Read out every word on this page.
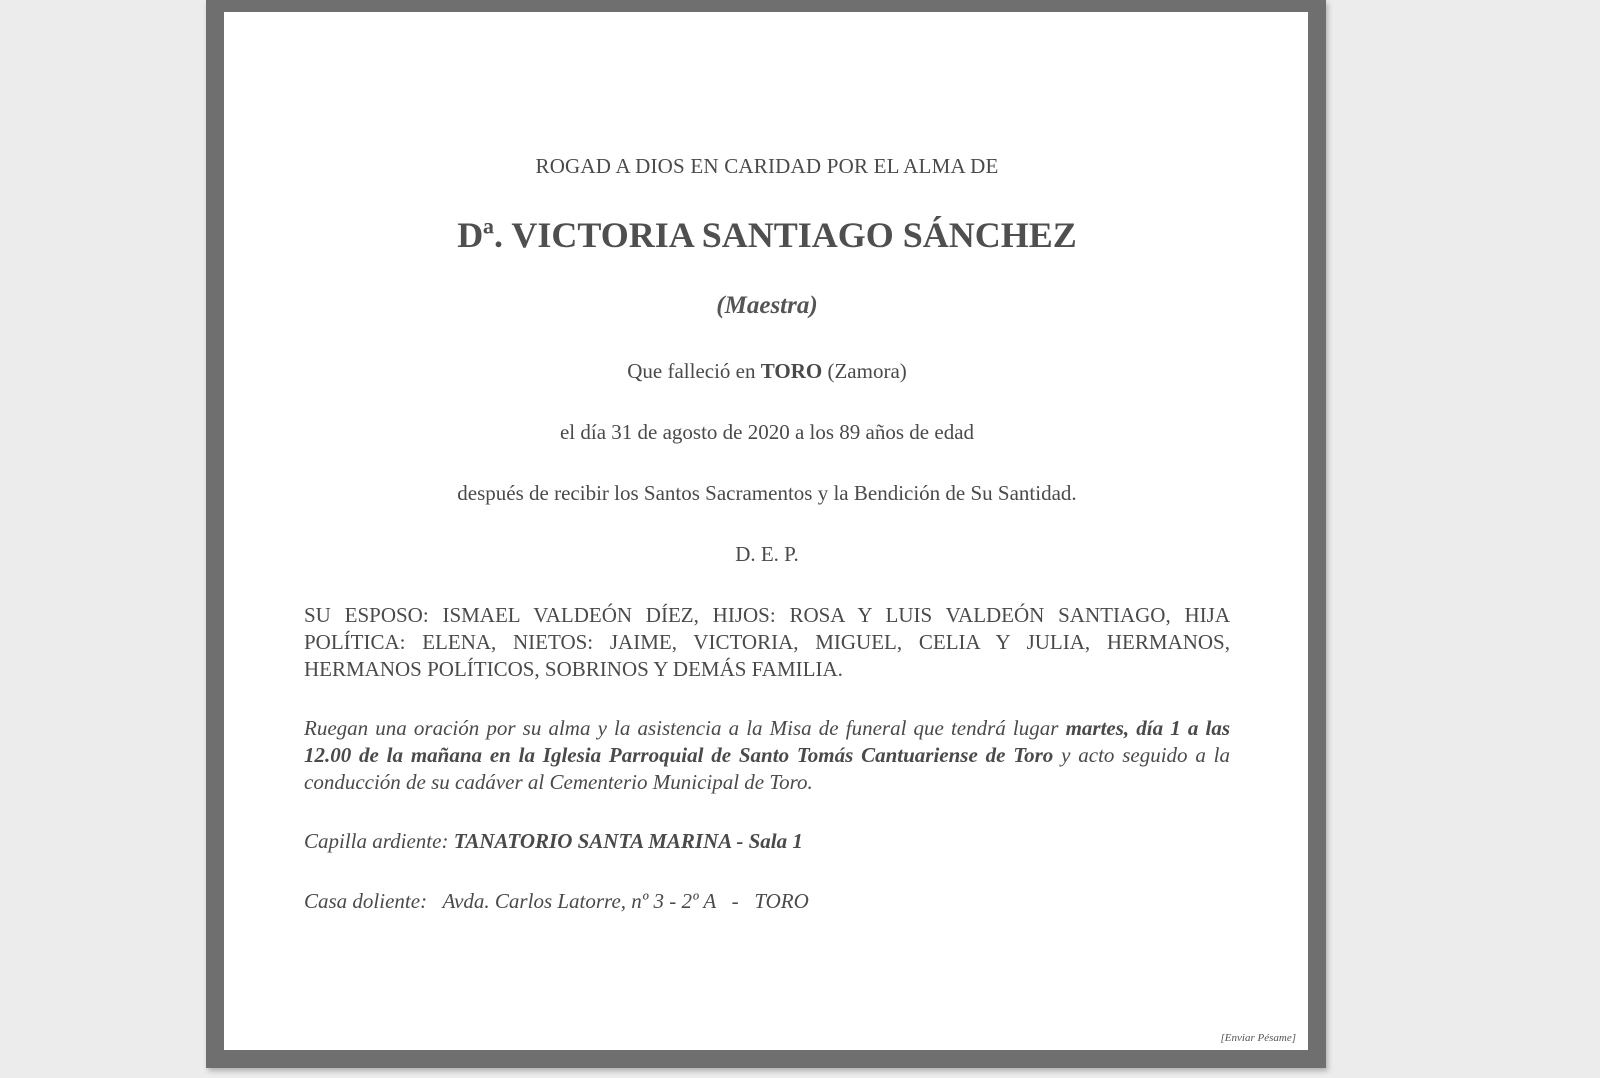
ROGAD A DIOS EN CARIDAD POR EL ALMA DE
Dª. VICTORIA SANTIAGO SÁNCHEZ
(Maestra)
Que falleció en TORO (Zamora)
el día 31 de agosto de 2020 a los 89 años de edad
después de recibir los Santos Sacramentos y la Bendición de Su Santidad.
D. E. P.
SU ESPOSO: ISMAEL VALDEÓN DÍEZ, HIJOS: ROSA Y LUIS VALDEÓN SANTIAGO, HIJA POLÍTICA: ELENA, NIETOS: JAIME, VICTORIA, MIGUEL, CELIA Y JULIA, HERMANOS, HERMANOS POLÍTICOS, SOBRINOS Y DEMÁS FAMILIA.
Ruegan una oración por su alma y la asistencia a la Misa de funeral que tendrá lugar martes, día 1 a las 12.00 de la mañana en la Iglesia Parroquial de Santo Tomás Cantuariense de Toro y acto seguido a la conducción de su cadáver al Cementerio Municipal de Toro.
Capilla ardiente: TANATORIO SANTA MARINA - Sala 1
Casa doliente:   Avda. Carlos Latorre, nº 3 - 2º A   -   TORO
[Enviar Pésame]
